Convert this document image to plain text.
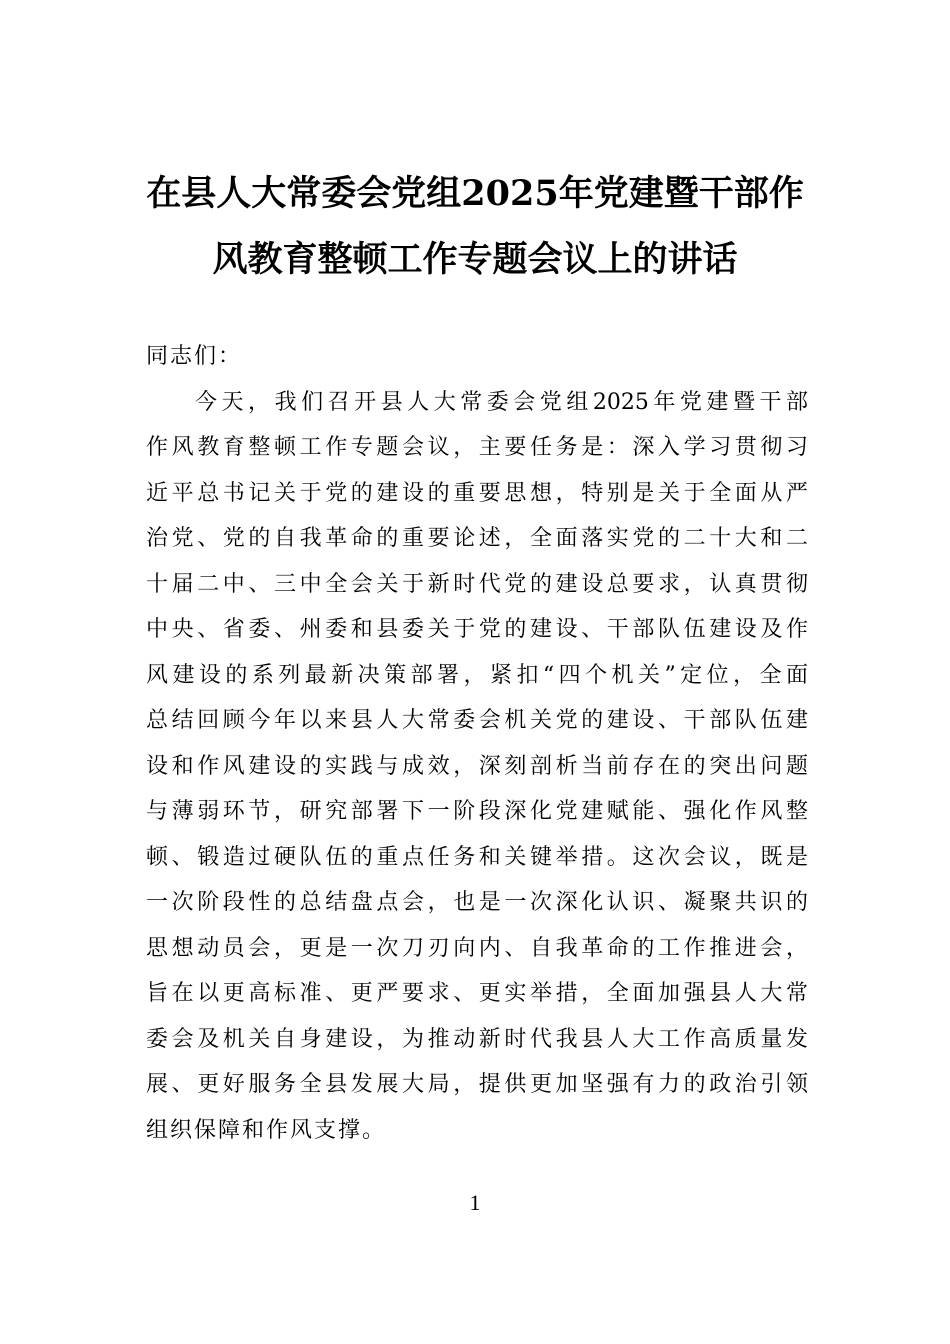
在县人大常委会党组2025年党建暨干部作
风教育整顿工作专题会议上的讲话
同志们：
今天，我们召开县人大常委会党组2025年党建暨干部
作风教育整顿工作专题会议，主要任务是：深入学习贯彻习
近平总书记关于党的建设的重要思想，特别是关于全面从严
治党、党的自我革命的重要论述，全面落实党的二十大和二
十届二中、三中全会关于新时代党的建设总要求，认真贯彻
中央、省委、州委和县委关于党的建设、干部队伍建设及作
风建设的系列最新决策部署，紧扣“四个机关”定位，全面
总结回顾今年以来县人大常委会机关党的建设、干部队伍建
设和作风建设的实践与成效，深刻剖析当前存在的突出问题
与薄弱环节，研究部署下一阶段深化党建赋能、强化作风整
顿、锻造过硬队伍的重点任务和关键举措。这次会议，既是
一次阶段性的总结盘点会，也是一次深化认识、凝聚共识的
思想动员会，更是一次刀刃向内、自我革命的工作推进会，
旨在以更高标准、更严要求、更实举措，全面加强县人大常
委会及机关自身建设，为推动新时代我县人大工作高质量发
展、更好服务全县发展大局，提供更加坚强有力的政治引领
组织保障和作风支撑。
1
